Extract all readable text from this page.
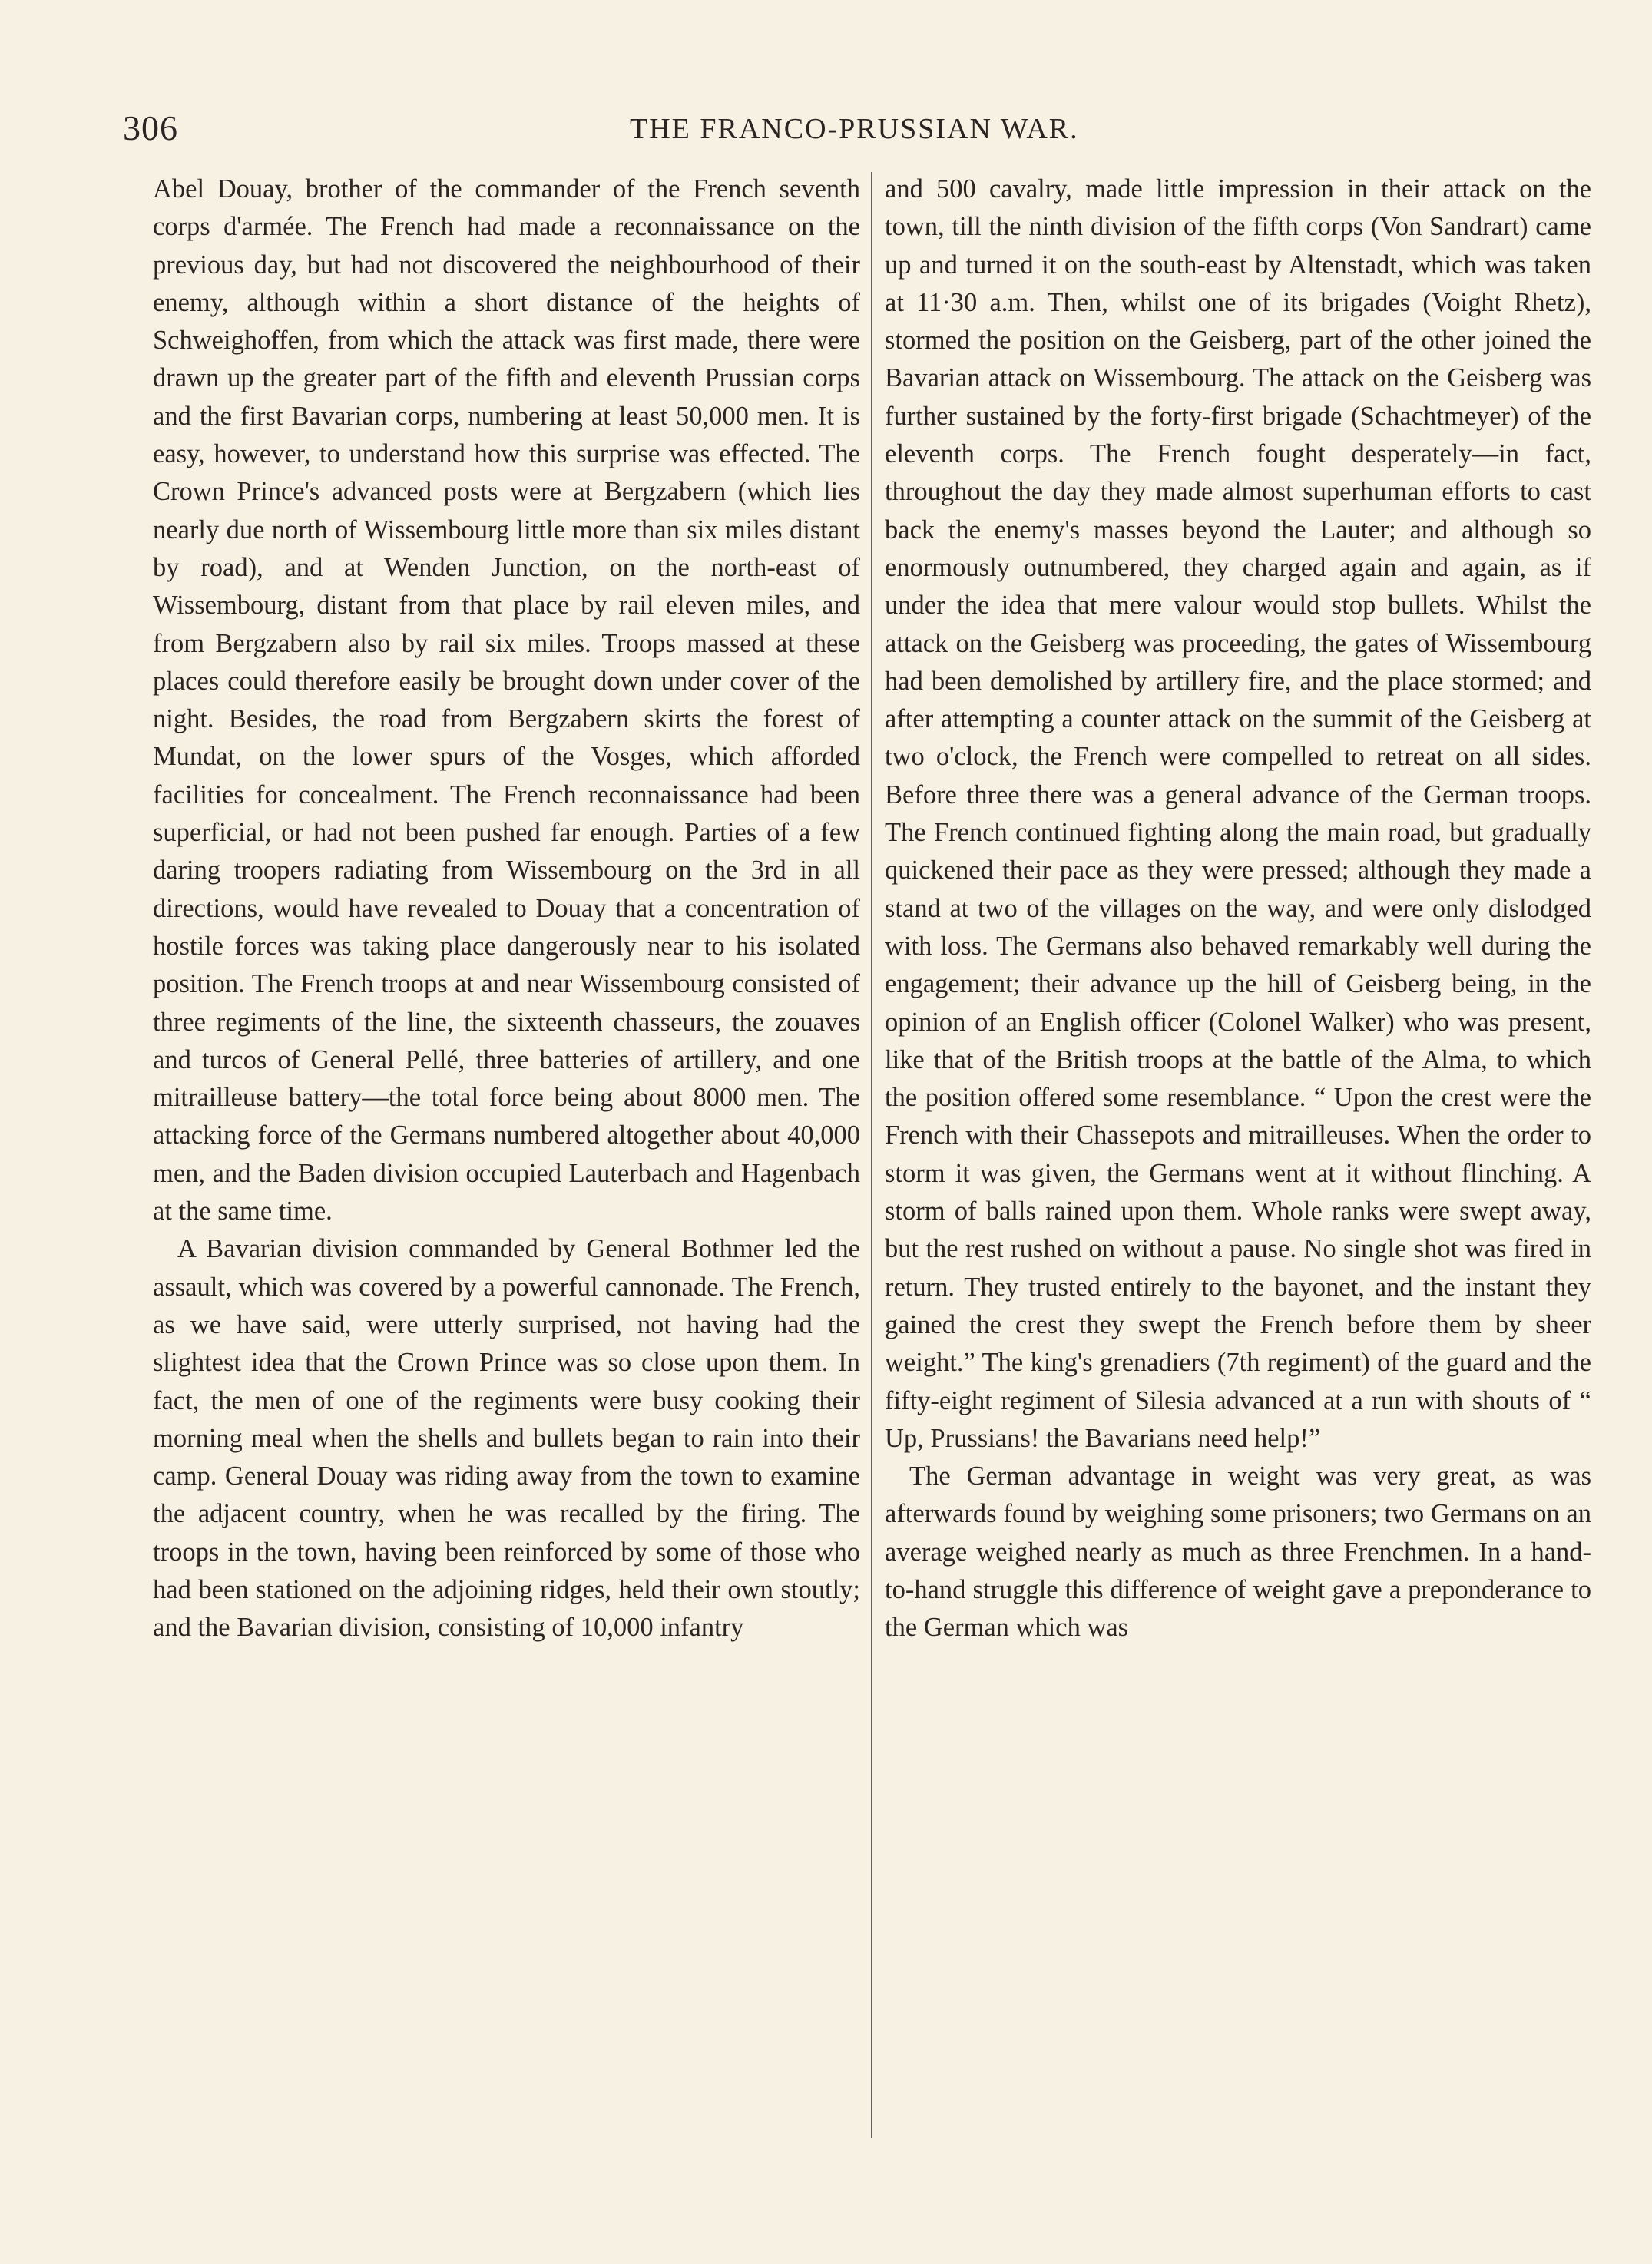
306	THE FRANCO-PRUSSIAN WAR.

Abel Douay, brother of the commander of the French seventh corps d'armée. The French had made a reconnaissance on the previous day, but had not discovered the neighbourhood of their enemy, although within a short distance of the heights of Schweighoffen, from which the attack was first made, there were drawn up the greater part of the fifth and eleventh Prussian corps and the first Bavarian corps, numbering at least 50,000 men. It is easy, however, to understand how this surprise was effected. The Crown Prince's advanced posts were at Bergzabern (which lies nearly due north of Wissembourg little more than six miles distant by road), and at Wenden Junction, on the north-east of Wissembourg, distant from that place by rail eleven miles, and from Bergzabern also by rail six miles. Troops massed at these places could therefore easily be brought down under cover of the night. Besides, the road from Bergzabern skirts the forest of Mundat, on the lower spurs of the Vosges, which afforded facilities for concealment. The French reconnaissance had been superficial, or had not been pushed far enough. Parties of a few daring troopers radiating from Wissembourg on the 3rd in all directions, would have revealed to Douay that a concentration of hostile forces was taking place dangerously near to his isolated position. The French troops at and near Wissembourg consisted of three regiments of the line, the sixteenth chasseurs, the zouaves and turcos of General Pellé, three batteries of artillery, and one mitrailleuse battery—the total force being about 8000 men. The attacking force of the Germans numbered altogether about 40,000 men, and the Baden division occupied Lauterbach and Hagenbach at the same time.

A Bavarian division commanded by General Bothmer led the assault, which was covered by a powerful cannonade. The French, as we have said, were utterly surprised, not having had the slightest idea that the Crown Prince was so close upon them. In fact, the men of one of the regiments were busy cooking their morning meal when the shells and bullets began to rain into their camp. General Douay was riding away from the town to examine the adjacent country, when he was recalled by the firing. The troops in the town, having been reinforced by some of those who had been stationed on the adjoining ridges, held their own stoutly; and the Bavarian division, consisting of 10,000 infantry

and 500 cavalry, made little impression in their attack on the town, till the ninth division of the fifth corps (Von Sandrart) came up and turned it on the south-east by Altenstadt, which was taken at 11·30 a.m. Then, whilst one of its brigades (Voight Rhetz), stormed the position on the Geisberg, part of the other joined the Bavarian attack on Wissembourg. The attack on the Geisberg was further sustained by the forty-first brigade (Schachtmeyer) of the eleventh corps. The French fought desperately—in fact, throughout the day they made almost superhuman efforts to cast back the enemy's masses beyond the Lauter; and although so enormously outnumbered, they charged again and again, as if under the idea that mere valour would stop bullets. Whilst the attack on the Geisberg was proceeding, the gates of Wissembourg had been demolished by artillery fire, and the place stormed; and after attempting a counter attack on the summit of the Geisberg at two o'clock, the French were compelled to retreat on all sides. Before three there was a general advance of the German troops. The French continued fighting along the main road, but gradually quickened their pace as they were pressed; although they made a stand at two of the villages on the way, and were only dislodged with loss. The Germans also behaved remarkably well during the engagement; their advance up the hill of Geisberg being, in the opinion of an English officer (Colonel Walker) who was present, like that of the British troops at the battle of the Alma, to which the position offered some resemblance. “ Upon the crest were the French with their Chassepots and mitrailleuses. When the order to storm it was given, the Germans went at it without flinching. A storm of balls rained upon them. Whole ranks were swept away, but the rest rushed on without a pause. No single shot was fired in return. They trusted entirely to the bayonet, and the instant they gained the crest they swept the French before them by sheer weight.” The king's grenadiers (7th regiment) of the guard and the fifty-eight regiment of Silesia advanced at a run with shouts of “ Up, Prussians! the Bavarians need help!”

The German advantage in weight was very great, as was afterwards found by weighing some prisoners; two Germans on an average weighed nearly as much as three Frenchmen. In a hand-to-hand struggle this difference of weight gave a preponderance to the German which was
